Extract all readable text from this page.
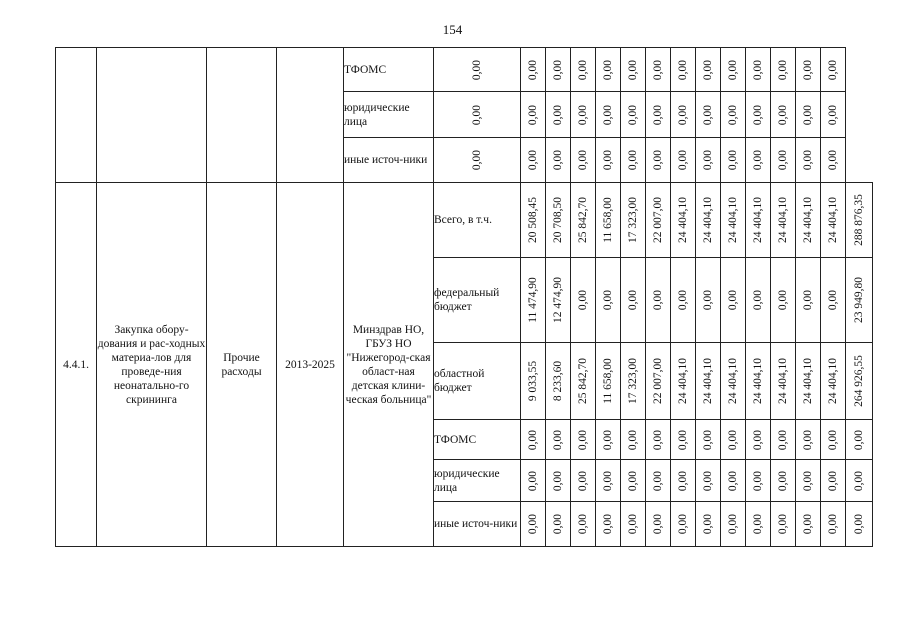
154
				ТФОМС	0,00	0,00	0,00	0,00	0,00	0,00	0,00	0,00	0,00	0,00	0,00	0,00	0,00	0,00	

				юридические лица	0,00	0,00	0,00	0,00	0,00	0,00	0,00	0,00	0,00	0,00	0,00	0,00	0,00	0,00	

				иные источ-ники	0,00	0,00	0,00	0,00	0,00	0,00	0,00	0,00	0,00	0,00	0,00	0,00	0,00	0,00	

4.4.1.	Закупка обору-дования и рас-ходных материа-лов для проведе-ния неонатально-го скрининга	Прочие расходы	2013-2025	Минздрав НО, ГБУЗ НО "Нижегород-ская област-ная детская клини-ческая больница"	Всего, в т.ч.	20 508,45	20 708,50	25 842,70	11 658,00	17 323,00	22 007,00	24 404,10	24 404,10	24 404,10	24 404,10	24 404,10	24 404,10	24 404,10	288 876,35

					федеральный бюджет	11 474,90	12 474,90	0,00	0,00	0,00	0,00	0,00	0,00	0,00	0,00	0,00	0,00	0,00	23 949,80

					областной бюджет	9 033,55	8 233,60	25 842,70	11 658,00	17 323,00	22 007,00	24 404,10	24 404,10	24 404,10	24 404,10	24 404,10	24 404,10	24 404,10	264 926,55

					ТФОМС	0,00	0,00	0,00	0,00	0,00	0,00	0,00	0,00	0,00	0,00	0,00	0,00	0,00	0,00

					юридические лица	0,00	0,00	0,00	0,00	0,00	0,00	0,00	0,00	0,00	0,00	0,00	0,00	0,00	0,00

					иные источ-ники	0,00	0,00	0,00	0,00	0,00	0,00	0,00	0,00	0,00	0,00	0,00	0,00	0,00	0,00
